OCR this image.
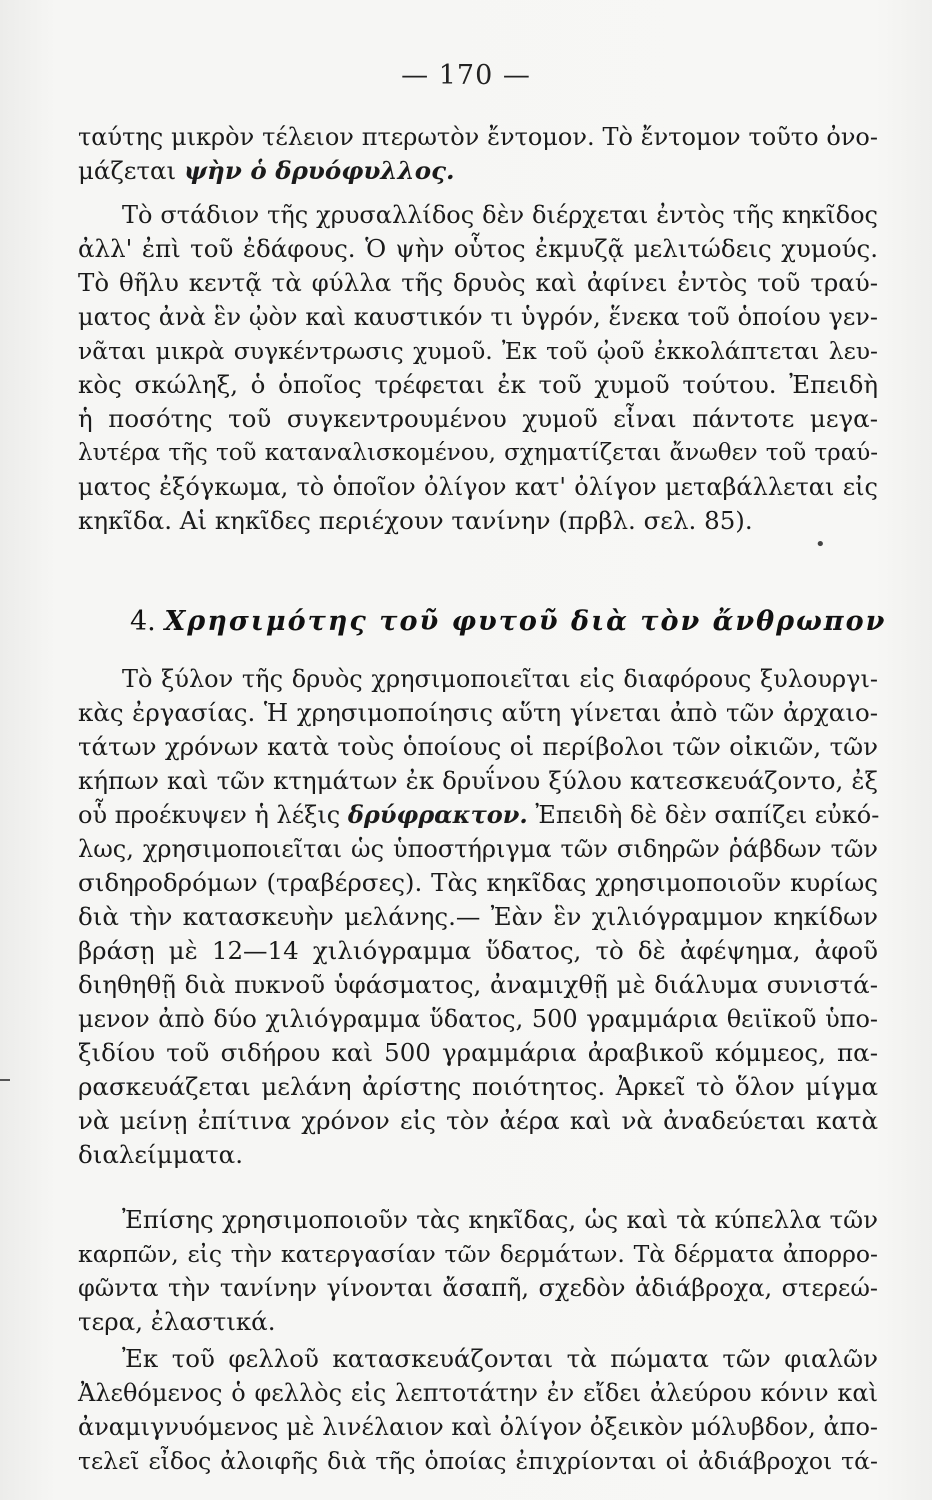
— 170 —
ταύτης μικρὸν τέλειον πτερωτὸν ἔντομον. Τὸ ἔντομον τοῦτο ὀνο-
μάζεται ψὴν ὁ δρυόφυλλος.
Τὸ στάδιον τῆς χρυσαλλίδος δὲν διέρχεται ἐντὸς τῆς κηκῖδος
ἀλλ' ἐπὶ τοῦ ἐδάφους. Ὁ ψὴν οὗτος ἐκμυζᾷ μελιτώδεις χυμούς.
Τὸ θῆλυ κεντᾷ τὰ φύλλα τῆς δρυὸς καὶ ἀφίνει ἐντὸς τοῦ τραύ-
ματος ἀνὰ ἓν ᾠὸν καὶ καυστικόν τι ὑγρόν, ἕνεκα τοῦ ὁποίου γεν-
νᾶται μικρὰ συγκέντρωσις χυμοῦ. Ἐκ τοῦ ᾠοῦ ἐκκολάπτεται λευ-
κὸς σκώληξ, ὁ ὁποῖος τρέφεται ἐκ τοῦ χυμοῦ τούτου. Ἐπειδὴ
ἡ ποσότης τοῦ συγκεντρουμένου χυμοῦ εἶναι πάντοτε μεγα-
λυτέρα τῆς τοῦ καταναλισκομένου, σχηματίζεται ἄνωθεν τοῦ τραύ-
ματος ἐξόγκωμα, τὸ ὁποῖον ὀλίγον κατ' ὀλίγον μεταβάλλεται εἰς
κηκῖδα. Αἱ κηκῖδες περιέχουν τανίνην (πρβλ. σελ. 85).
•
4. Χρησιμότης τοῦ φυτοῦ διὰ τὸν ἄνθρωπον
Τὸ ξύλον τῆς δρυὸς χρησιμοποιεῖται εἰς διαφόρους ξυλουργι-
κὰς ἐργασίας. Ἡ χρησιμοποίησις αὕτη γίνεται ἀπὸ τῶν ἀρχαιο-
τάτων χρόνων κατὰ τοὺς ὁποίους οἱ περίβολοι τῶν οἰκιῶν, τῶν
κήπων καὶ τῶν κτημάτων ἐκ δρυΐνου ξύλου κατεσκευάζοντο, ἐξ
οὗ προέκυψεν ἡ λέξις δρύφρακτον. Ἐπειδὴ δὲ δὲν σαπίζει εὐκό-
λως, χρησιμοποιεῖται ὡς ὑποστήριγμα τῶν σιδηρῶν ῥάβδων τῶν
σιδηροδρόμων (τραβέρσες). Τὰς κηκῖδας χρησιμοποιοῦν κυρίως
διὰ τὴν κατασκευὴν μελάνης.— Ἐὰν ἓν χιλιόγραμμον κηκίδων
βράσῃ μὲ 12—14 χιλιόγραμμα ὕδατος, τὸ δὲ ἀφέψημα, ἀφοῦ
διηθηθῇ διὰ πυκνοῦ ὑφάσματος, ἀναμιχθῇ μὲ διάλυμα συνιστά-
μενον ἀπὸ δύο χιλιόγραμμα ὕδατος, 500 γραμμάρια θειϊκοῦ ὑπο-
ξιδίου τοῦ σιδήρου καὶ 500 γραμμάρια ἀραβικοῦ κόμμεος, πα-
ρασκευάζεται μελάνη ἀρίστης ποιότητος. Ἀρκεῖ τὸ ὅλον μίγμα
νὰ μείνῃ ἐπίτινα χρόνον εἰς τὸν ἀέρα καὶ νὰ ἀναδεύεται κατὰ
διαλείμματα.
Ἐπίσης χρησιμοποιοῦν τὰς κηκῖδας, ὡς καὶ τὰ κύπελλα τῶν
καρπῶν, εἰς τὴν κατεργασίαν τῶν δερμάτων. Τὰ δέρματα ἀπορρο-
φῶντα τὴν τανίνην γίνονται ἄσαπῆ, σχεδὸν ἀδιάβροχα, στερεώ-
τερα, ἐλαστικά.
Ἐκ τοῦ φελλοῦ κατασκευάζονται τὰ πώματα τῶν φιαλῶν
Ἀλεθόμενος ὁ φελλὸς εἰς λεπτοτάτην ἐν εἴδει ἀλεύρου κόνιν καὶ
ἀναμιγνυόμενος μὲ λινέλαιον καὶ ὀλίγον ὀξεικὸν μόλυβδον, ἀπο-
τελεῖ εἶδος ἀλοιφῆς διὰ τῆς ὁποίας ἐπιχρίονται οἱ ἀδιάβροχοι τά-
